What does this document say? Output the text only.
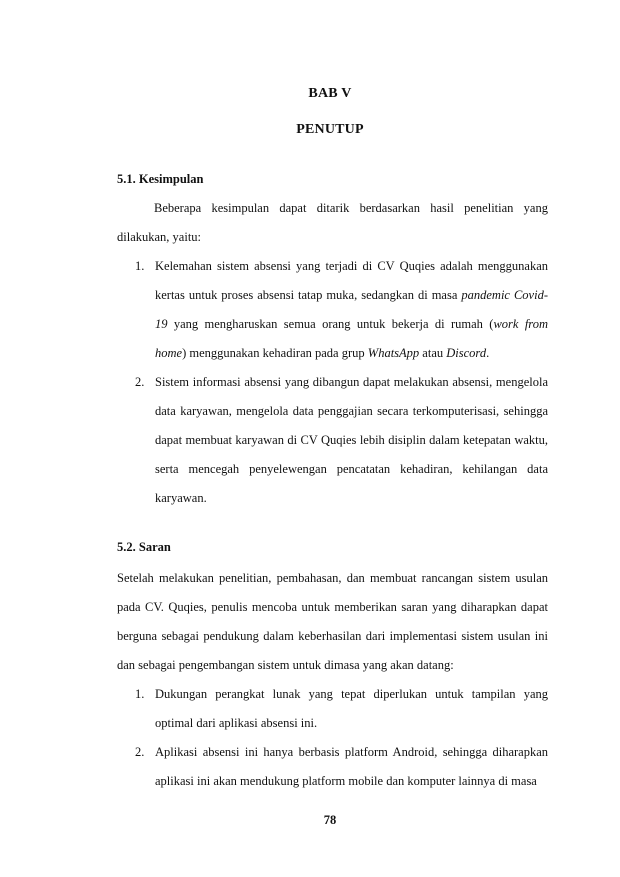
BAB V
PENUTUP
5.1. Kesimpulan

Beberapa kesimpulan dapat ditarik berdasarkan hasil penelitian yang dilakukan, yaitu:

1. Kelemahan sistem absensi yang terjadi di CV Quqies adalah menggunakan kertas untuk proses absensi tatap muka, sedangkan di masa pandemic Covid-19 yang mengharuskan semua orang untuk bekerja di rumah (work from home) menggunakan kehadiran pada grup WhatsApp atau Discord.
2. Sistem informasi absensi yang dibangun dapat melakukan absensi, mengelola data karyawan, mengelola data penggajian secara terkomputerisasi, sehingga dapat membuat karyawan di CV Quqies lebih disiplin dalam ketepatan waktu, serta mencegah penyelewengan pencatatan kehadiran, kehilangan data karyawan.
5.2. Saran

Setelah melakukan penelitian, pembahasan, dan membuat rancangan sistem usulan pada CV. Quqies, penulis mencoba untuk memberikan saran yang diharapkan dapat berguna sebagai pendukung dalam keberhasilan dari implementasi sistem usulan ini dan sebagai pengembangan sistem untuk dimasa yang akan datang:

1. Dukungan perangkat lunak yang tepat diperlukan untuk tampilan yang optimal dari aplikasi absensi ini.
2. Aplikasi absensi ini hanya berbasis platform Android, sehingga diharapkan aplikasi ini akan mendukung platform mobile dan komputer lainnya di masa
78
